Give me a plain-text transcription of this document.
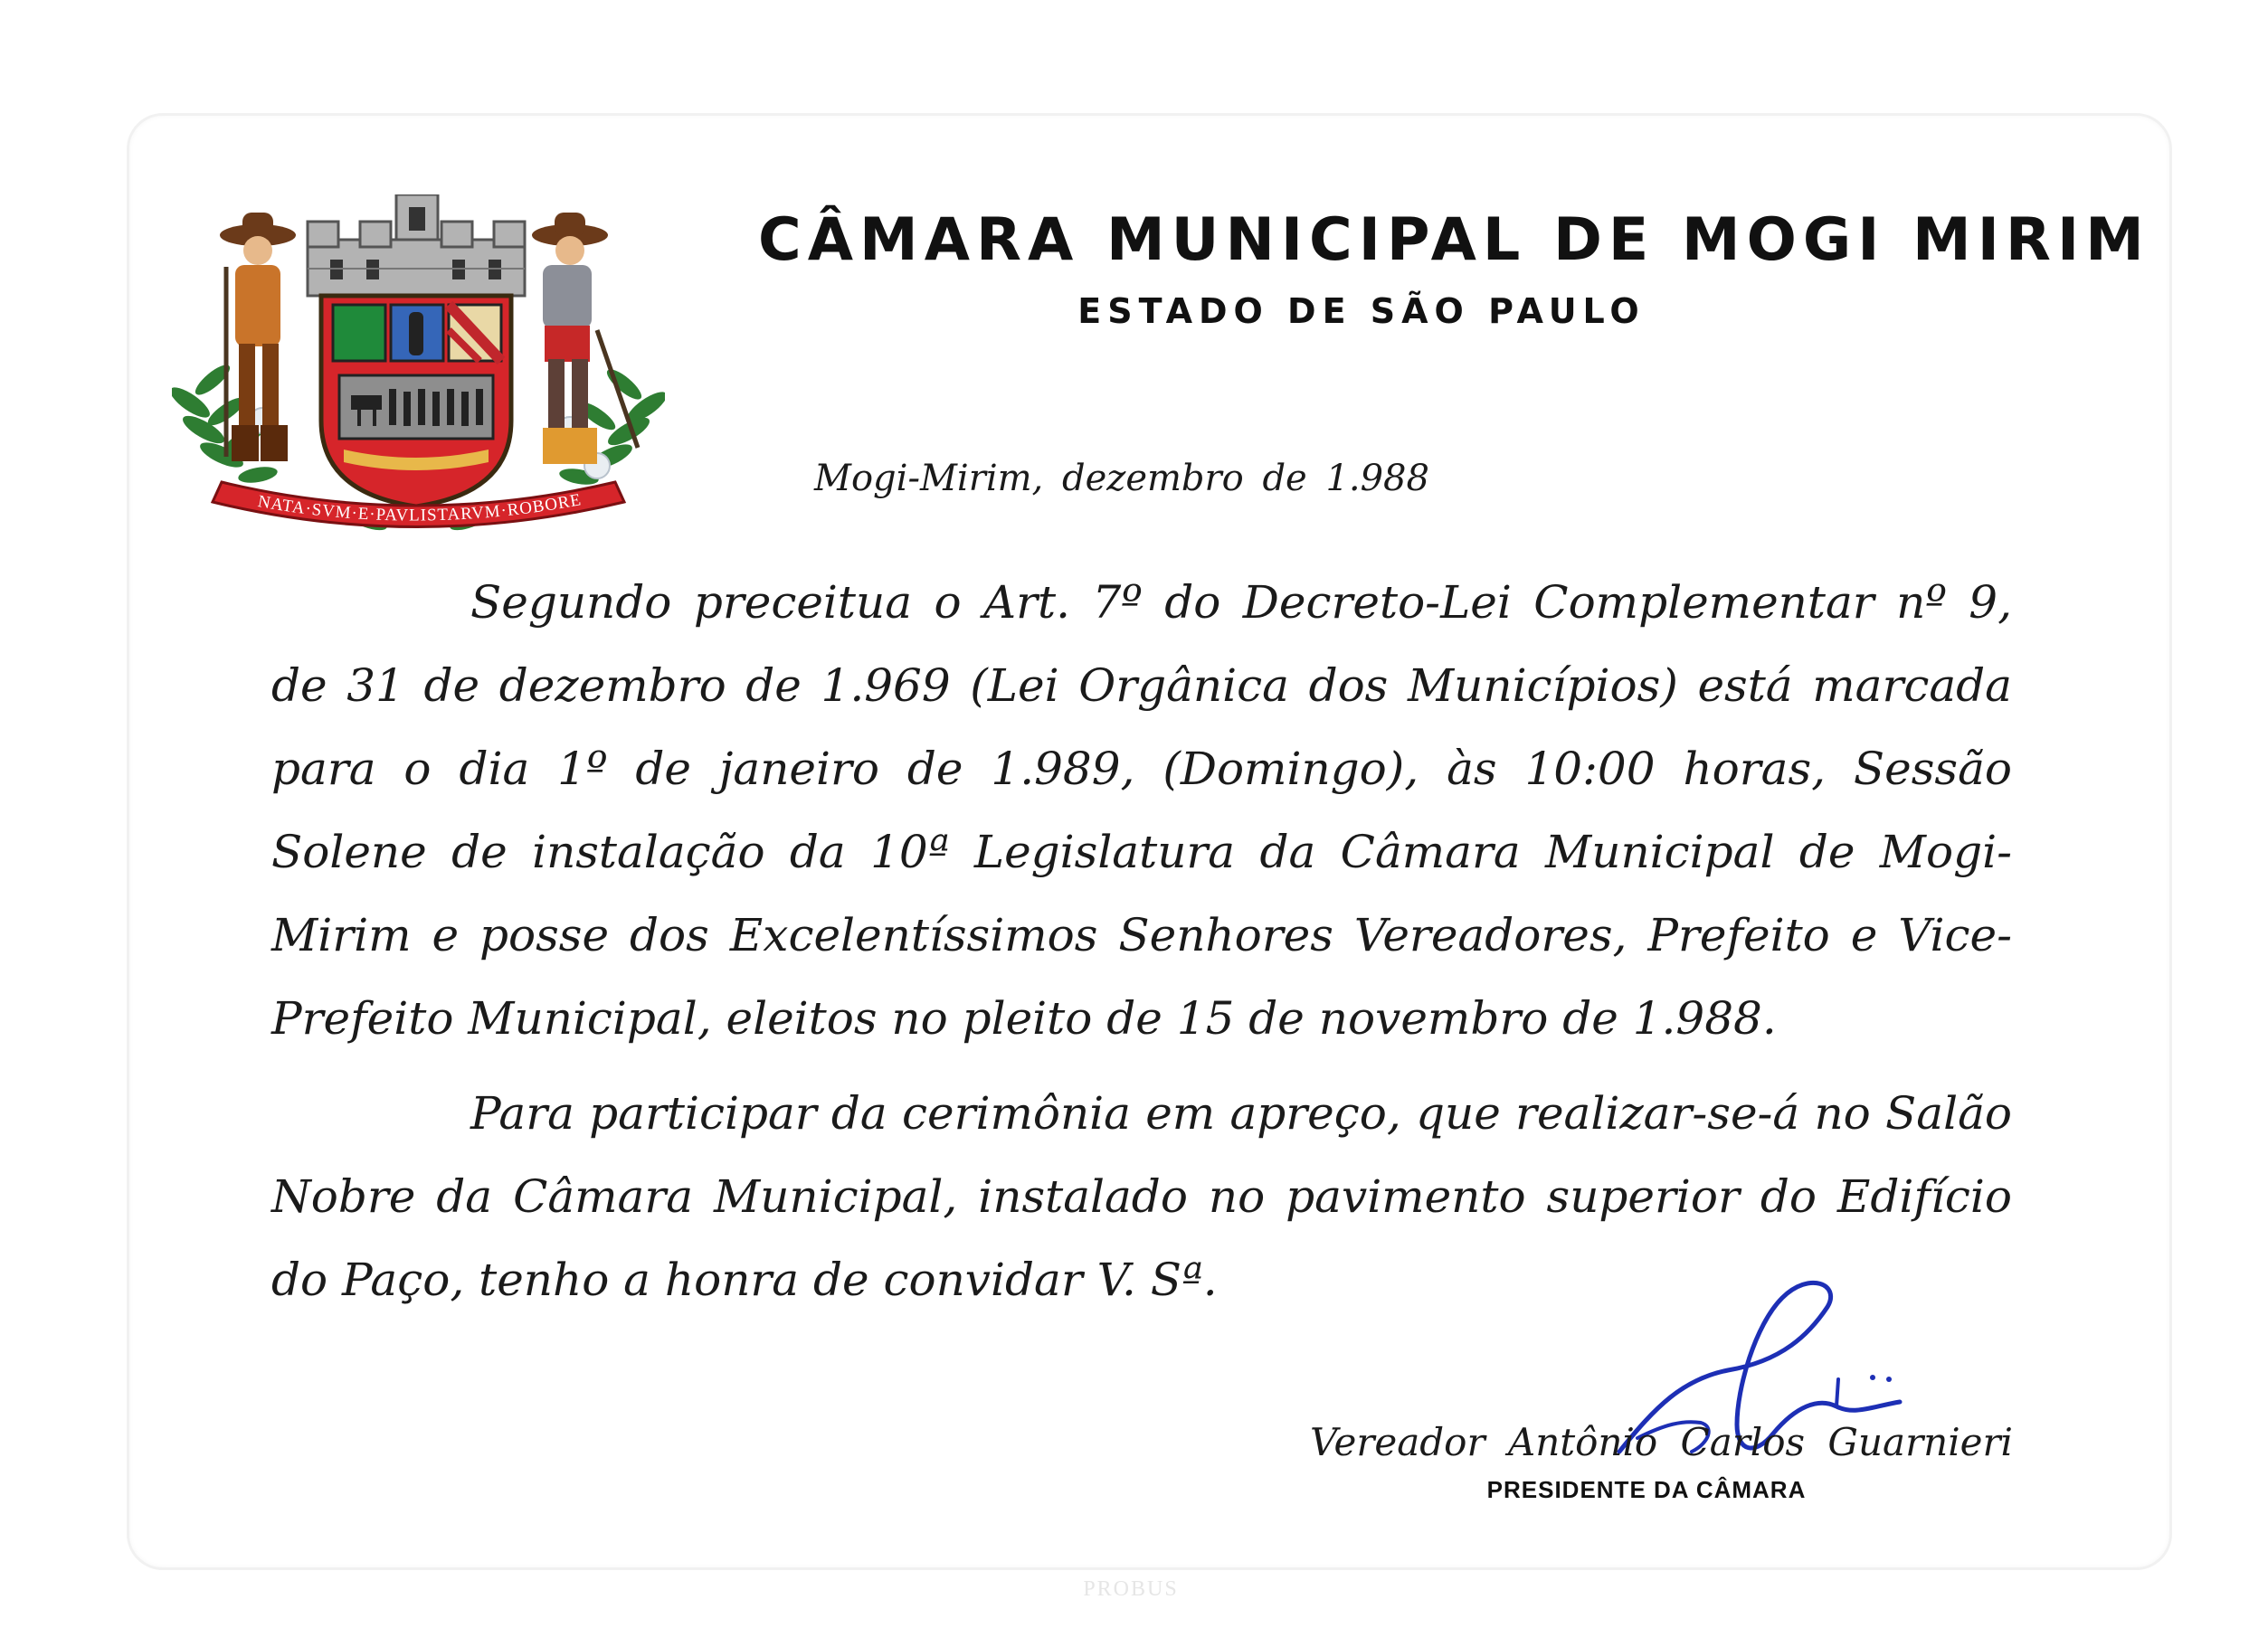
NATA·SVM·E·PAVLISTARVM·ROBORE
CÂMARA MUNICIPAL DE MOGI MIRIM
ESTADO DE SÃO PAULO
Mogi-Mirim, dezembro de 1.988
Segundo preceitua o Art. 7º do Decreto-Lei Complementar nº 9, de 31 de dezembro de 1.969 (Lei Orgânica dos Municípios) está marcada para o dia 1º de janeiro de 1.989, (Domingo), às 10:00 horas, Sessão Solene de instalação da 10ª Legislatura da Câmara Municipal de Mogi-Mirim e posse dos Excelentíssimos Senhores Vereadores, Prefeito e Vice-Prefeito Municipal, eleitos no pleito de 15 de novembro de 1.988.
Para participar da cerimônia em apreço, que realizar-se-á no Salão Nobre da Câmara Municipal, instalado no pavimento superior do Edifício do Paço, tenho a honra de convidar V. Sª.
Vereador Antônio Carlos Guarnieri
PRESIDENTE DA CÂMARA
PROBUS
